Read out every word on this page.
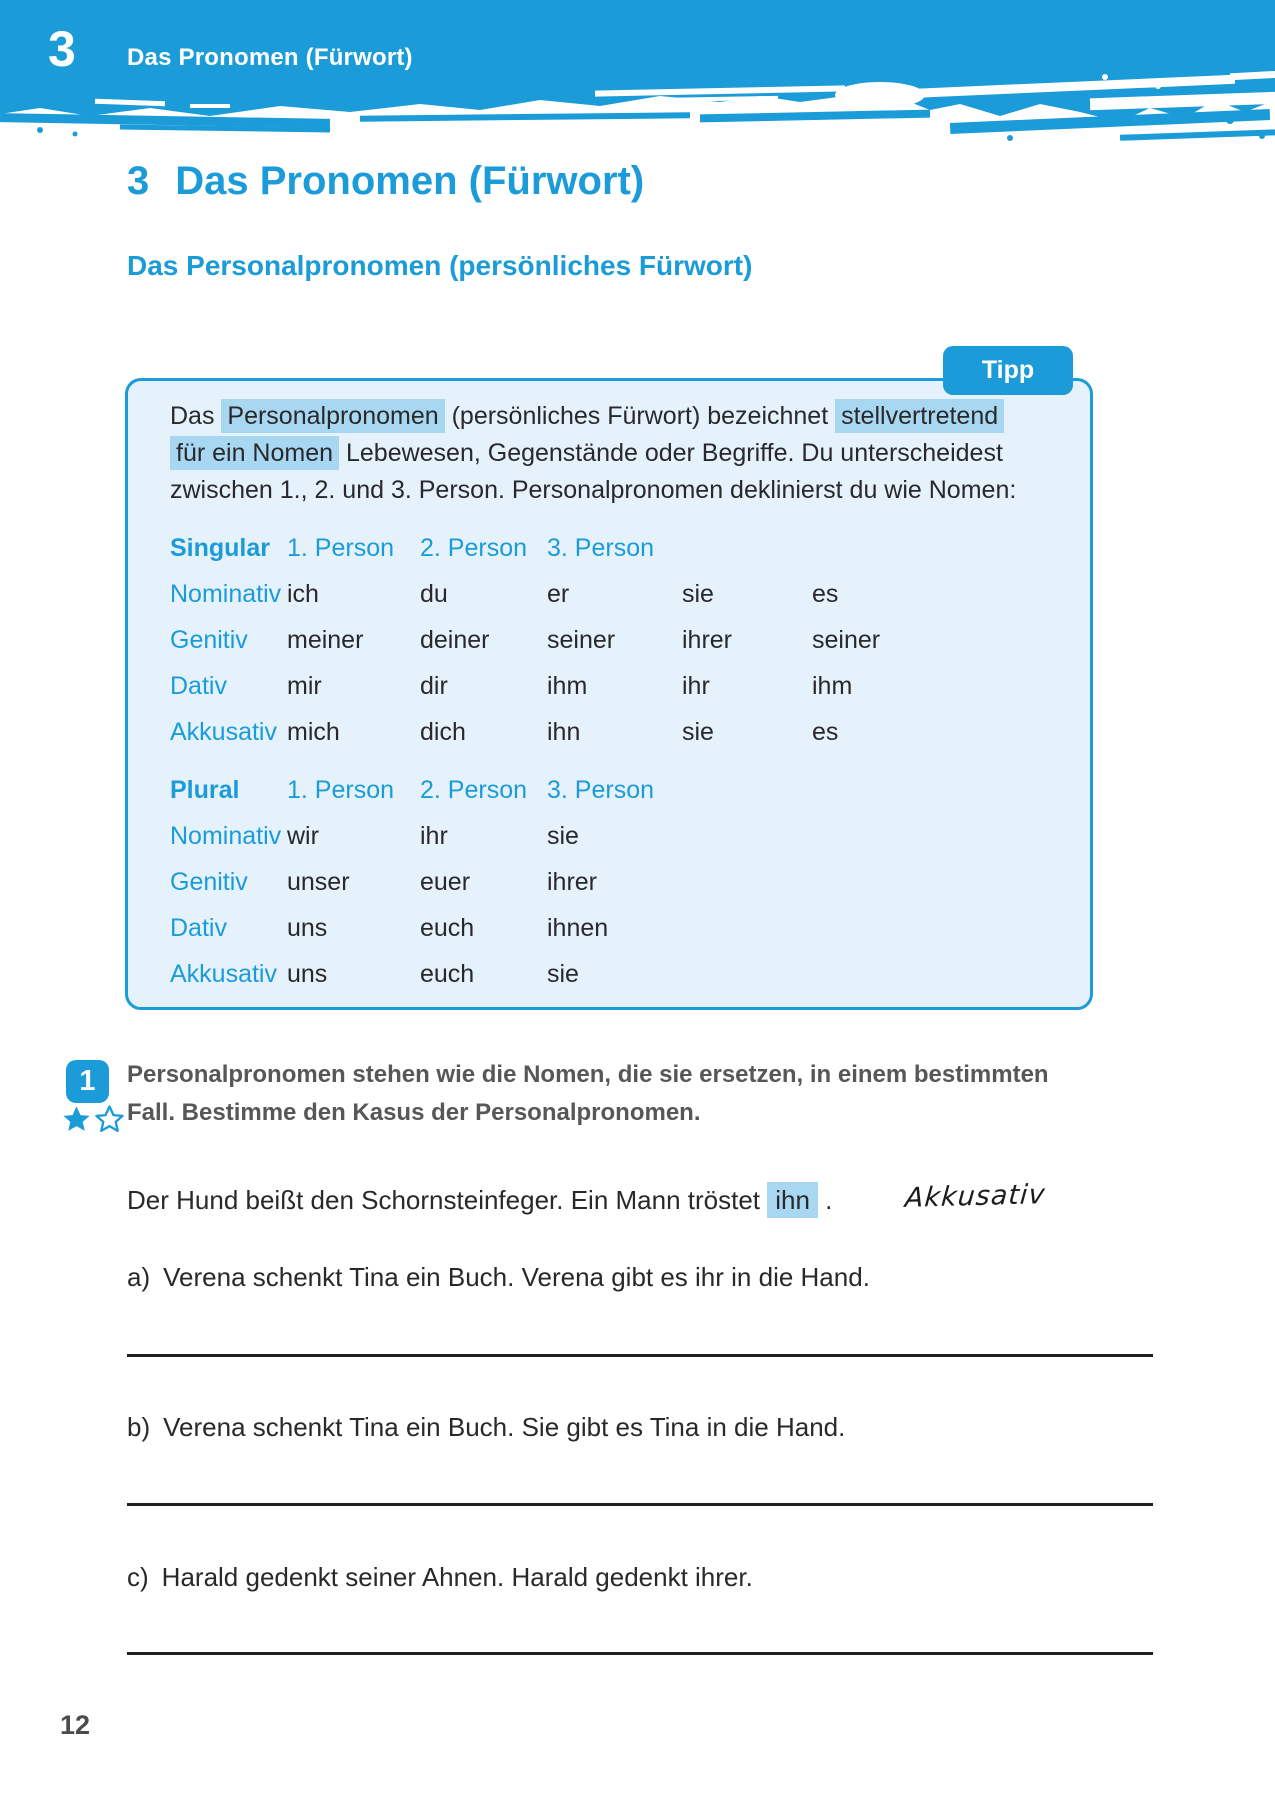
3 Das Pronomen (Fürwort)
3 Das Pronomen (Fürwort)
Das Personalpronomen (persönliches Fürwort)
Tipp

Das Personalpronomen (persönliches Fürwort) bezeichnet stellvertretend
für ein Nomen Lebewesen, Gegenstände oder Begriffe. Du unterscheidest
zwischen 1., 2. und 3. Person. Personalpronomen deklinierst du wie Nomen:

Singular 1. Person	2. Person 3. Person
Nominativ ich	du	er	sie	es
Genitiv	meiner	deiner	seiner	ihrer	seiner
Dativ	mir	dir	ihm	ihr	ihm
Akkusativ mich	dich	ihn	sie	es
Plural	1. Person	2. Person 3. Person
Nominativ wir	ihr	sie
Genitiv	unser	euer	ihrer
Dativ	uns	euch	ihnen
Akkusativ uns	euch	sie
1	Personalpronomen stehen wie die Nomen, die sie ersetzen, in einem bestimmten
Fall. Bestimme den Kasus der Personalpronomen.
Der Hund beißt den Schornsteinfeger. Ein Mann tröstet ihn .	Akkusativ
a) Verena schenkt Tina ein Buch. Verena gibt es ihr in die Hand.
b) Verena schenkt Tina ein Buch. Sie gibt es Tina in die Hand.
c) Harald gedenkt seiner Ahnen. Harald gedenkt ihrer.
12
